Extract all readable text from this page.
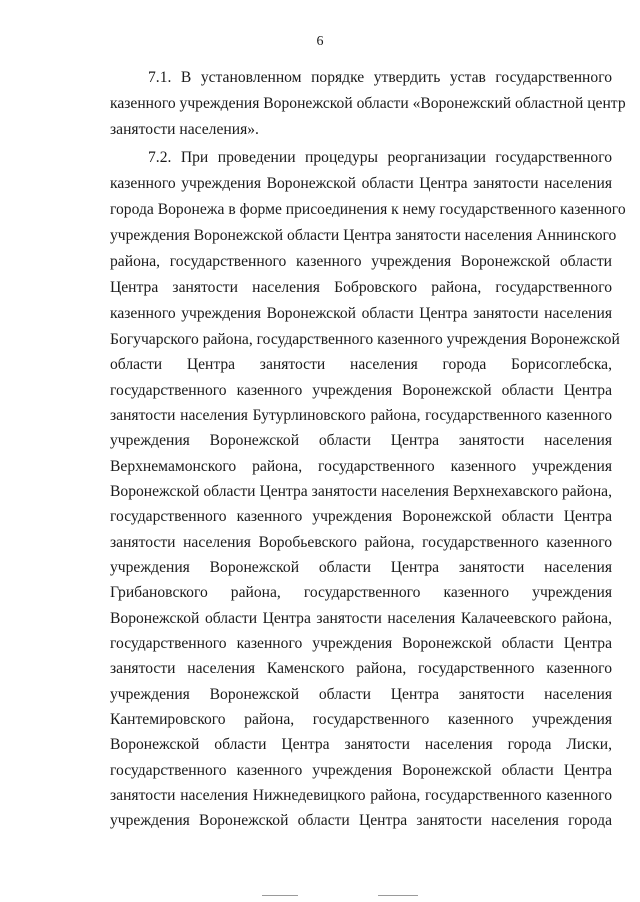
6
7.1. В установленном порядке утвердить устав государственного
казенного учреждения Воронежской области «Воронежский областной центр
занятости населения».
7.2. При проведении процедуры реорганизации государственного
казенного учреждения Воронежской области Центра занятости населения
города Воронежа в форме присоединения к нему государственного казенного
учреждения Воронежской области Центра занятости населения Аннинского
района, государственного казенного учреждения Воронежской области
Центра занятости населения Бобровского района, государственного
казенного учреждения Воронежской области Центра занятости населения
Богучарского района, государственного казенного учреждения Воронежской
области Центра занятости населения города Борисоглебска,
государственного казенного учреждения Воронежской области Центра
занятости населения Бутурлиновского района, государственного казенного
учреждения Воронежской области Центра занятости населения
Верхнемамонского района, государственного казенного учреждения
Воронежской области Центра занятости населения Верхнехавского района,
государственного казенного учреждения Воронежской области Центра
занятости населения Воробьевского района, государственного казенного
учреждения Воронежской области Центра занятости населения
Грибановского района, государственного казенного учреждения
Воронежской области Центра занятости населения Калачеевского района,
государственного казенного учреждения Воронежской области Центра
занятости населения Каменского района, государственного казенного
учреждения Воронежской области Центра занятости населения
Кантемировского района, государственного казенного учреждения
Воронежской области Центра занятости населения города Лиски,
государственного казенного учреждения Воронежской области Центра
занятости населения Нижнедевицкого района, государственного казенного
учреждения Воронежской области Центра занятости населения города
